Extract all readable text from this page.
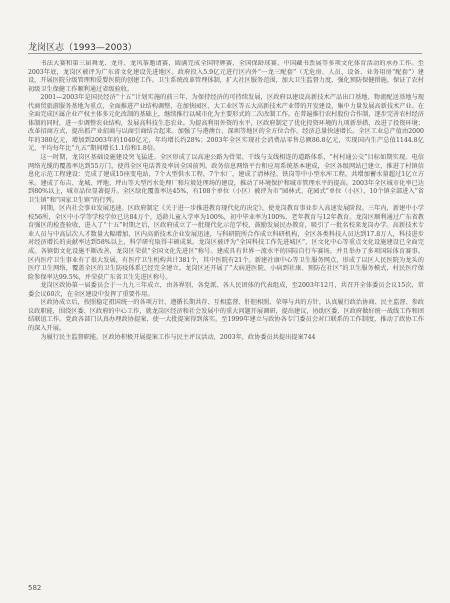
龙岗区志（1993—2003）

书法大赛和第三届舞龙、龙舟、龙风筝邀请赛，圆满完成全国特牌赛、全国保龄球赛、中国藏书票展等多项文化体育活动的承办工作。至2003年底，龙岗区被评为广东省文化建设先进地区。政府投入5.9亿元进行区内外“一龙三配套”（无危房、人员、设备、业务用房“配套”）建设，开展医院分级管理和爱婴医院的创建工作。卫生系统改革管理体制，扩大社区服务范围，加大卫生监督力度，强化预防保健措施，保证了农村初级卫生保健工作顺利通过省级验收。

2001—2003年是国民经济“十五”计划实施的前三年，为保持经济的可持续发展，区政府以建设高新技术产品出口基地、物流配送基地与现代商贸旅游服务基地为重点，全面推进产业结构调整，在加快园区、大工业区等五大高新技术产业带的开发建设，集中力量发展高新技术产业。在全面完成区属企业产权主体多元化改制的基础上，继续推行以城市化为主要形式的二次改制工作。在普遍推行农村股份合作制，逐步完善农村经济体制的同时，进一步调整农业结构，发展高科技生态农业。为提高利用外资的水平，区政府制定了优化投资环境的九项新举措，改进了投资环境；改革招商方式，提出抓产业招商与以商引商结合起来。加强了与港澳台、深圳等地区的全方位合作，经济总量快速增长。全区工业总产值由2000年的380亿元，增加到2003年的1040亿元，年均增长约28%；2003年全区实现社会消费品零售总额86.8亿元，实现国内生产总值1144.8亿元，平均每年比“九五”期间增长1.1倍和1.8倍。

这一时期，龙岗区基础设施建设突飞猛进。全区形成了以高速公路为骨架、干线与支线相连的道路体系，“村村通公交”目标如期实现。电信网络光缆的覆盖率达到55万门，使得全区电话普及率居全国前列。政务信息网络平台和应用系统基本建成，全区各级网站已建立，推进了村镇信息化示范工程建设：完成了建成15座变电站，7个大型供水工程，7个水厂，建成了清林径、铁岗等中小型水库工程，共增加蓄水量超过1亿立方米。建成了布吉、龙城、坪地、坪山等大型污水处理厂和垃圾处理场的建设，推动了环境保护和城市管理水平的提高。2003年全区城市化率已达到80%以上，城市品位显著提升。全区绿化覆盖率达45%，有108个单位（小区）被评为市“园林式、花园式”单位（小区），10个镇全部进入“省卫生镇”和“国家卫生镇”的行列。

同期，区内社会事业发展迅速。区政府制定《关于进一步推进教育现代化的决定》，使龙岗教育事业步入高速发展阶段。三年内，新建中小学校56所，全区中小学等学校学位已达84万个，适龄儿童入学率为100%，初中毕业率为100%，老年教育与12年教育。龙岗区顺利通过广东省教育强区的检查验收，进入了“十五”时期之后，区政府成立了一批现代化示范学校，鼓励发展民办教育，吸引了一批名校来龙岗办学。高新技术专业人员与中高层次人才数量大幅增加，区内高新技术企业发展迅速，与科研院所合作成立科研机构，全区各类科技人员达到17.8万人，科技进步对经济增长的贡献率达到58%以上，科学研究取得丰硕成果。龙岗区被评为“全国科技工作先进城区”，区文化中心等重点文化设施建设已全面完成。各镇街文化设施不断改善，龙岗区荣获“全国文化先进区”称号。建成具有世界一流水平的国际自行车赛场，并且举办了多项国际体育赛事。区内医疗卫生事业有了很大发展，有医疗卫生机构共计381个，其中医院有21个。新建社康中心等卫生服务网点，形成了以区人民医院为龙头的医疗卫生网络，覆盖全区的卫生防疫体系已经完全建立。龙岗区还开展了“大病进医院、小病到社康、预防在社区”的卫生服务模式，村民医疗保险参保率达99.5%，并荣获广东省卫生先进区称号。

龙岗区政协第一届委员会于一九九三年成立，由各界别、各党派、各人民团体的代表组成，至2003年12月，共召开全体委员会议15次，常委会议60次，在全区建设中发挥了重要作用。

区政协成立后，按照稳定祖国统一的各项方针，遵循长期共存、互相监督、肝胆相照、荣辱与共的方针，认真履行政治协商、民主监督、参政议政职能，围绕区委、区政府的中心工作，就龙岗区经济和社会发展中的重大问题开展调研，提出建议，协助区委、区政府做好统一战线工作和团结联谊工作。党政各部门认真办理政协提案，使一大批提案得到落实。至1999年建立与政协各专门委员会对口联系的工作制度，推动了政协工作的深入开展。

为履行民主监督职能，区政协积极开展提案工作与民主评议活动，2003年，政协委员共提出提案744

582
